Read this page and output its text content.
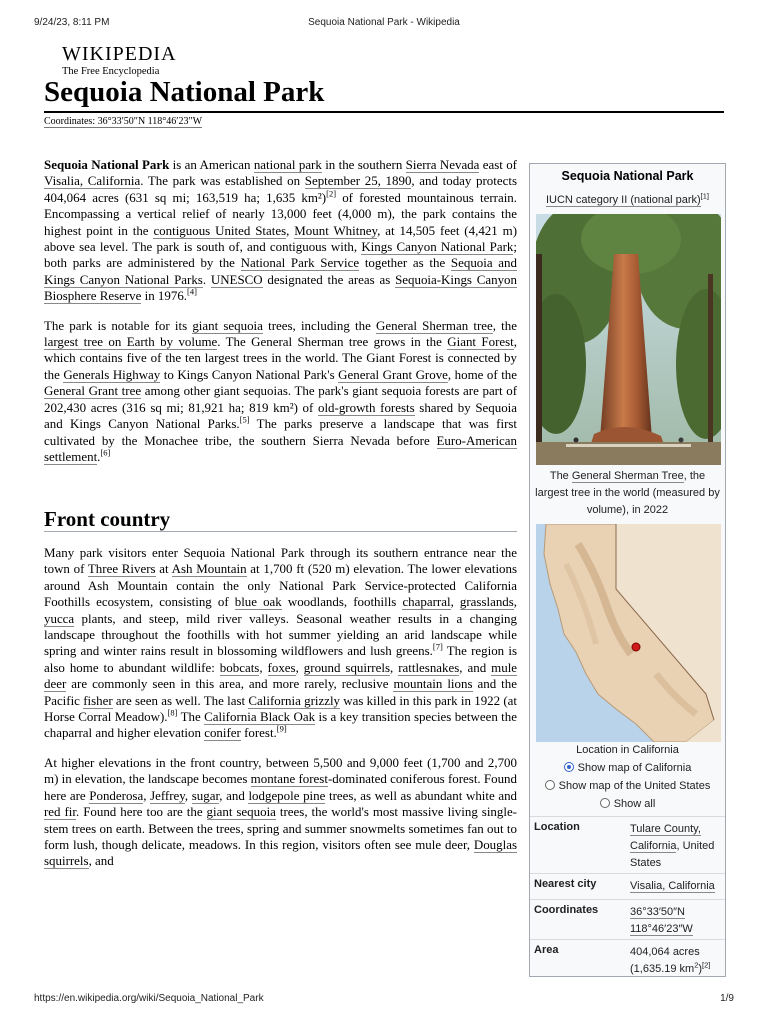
9/24/23, 8:11 PM	Sequoia National Park - Wikipedia
WIKIPEDIA
The Free Encyclopedia
Sequoia National Park
Coordinates: 36°33′50″N 118°46′23″W

Sequoia National Park is an American national park in the southern Sierra Nevada east of Visalia, California. The park was established on September 25, 1890, and today protects 404,064 acres (631 sq mi; 163,519 ha; 1,635 km²)[2] of forested mountainous terrain. Encompassing a vertical relief of nearly 13,000 feet (4,000 m), the park contains the highest point in the contiguous United States, Mount Whitney, at 14,505 feet (4,421 m) above sea level. The park is south of, and contiguous with, Kings Canyon National Park; both parks are administered by the National Park Service together as the Sequoia and Kings Canyon National Parks. UNESCO designated the areas as Sequoia-Kings Canyon Biosphere Reserve in 1976.[4]

The park is notable for its giant sequoia trees, including the General Sherman tree, the largest tree on Earth by volume. The General Sherman tree grows in the Giant Forest, which contains five of the ten largest trees in the world. The Giant Forest is connected by the Generals Highway to Kings Canyon National Park's General Grant Grove, home of the General Grant tree among other giant sequoias. The park's giant sequoia forests are part of 202,430 acres (316 sq mi; 81,921 ha; 819 km²) of old-growth forests shared by Sequoia and Kings Canyon National Parks.[5] The parks preserve a landscape that was first cultivated by the Monachee tribe, the southern Sierra Nevada before Euro-American settlement.[6]

Front country

Many park visitors enter Sequoia National Park through its southern entrance near the town of Three Rivers at Ash Mountain at 1,700 ft (520 m) elevation. The lower elevations around Ash Mountain contain the only National Park Service-protected California Foothills ecosystem, consisting of blue oak woodlands, foothills chaparral, grasslands, yucca plants, and steep, mild river valleys. Seasonal weather results in a changing landscape throughout the foothills with hot summer yielding an arid landscape while spring and winter rains result in blossoming wildflowers and lush greens.[7] The region is also home to abundant wildlife: bobcats, foxes, ground squirrels, rattlesnakes, and mule deer are commonly seen in this area, and more rarely, reclusive mountain lions and the Pacific fisher are seen as well. The last California grizzly was killed in this park in 1922 (at Horse Corral Meadow).[8] The California Black Oak is a key transition species between the chaparral and higher elevation conifer forest.[9]

At higher elevations in the front country, between 5,500 and 9,000 feet (1,700 and 2,700 m) in elevation, the landscape becomes montane forest-dominated coniferous forest. Found here are Ponderosa, Jeffrey, sugar, and lodgepole pine trees, as well as abundant white and red fir. Found here too are the giant sequoia trees, the world's most massive living single-stem trees on earth. Between the trees, spring and summer snowmelts sometimes fan out to form lush, though delicate, meadows. In this region, visitors often see mule deer, Douglas squirrels, and

Sequoia National Park
IUCN category II (national park)[1]
The General Sherman Tree, the largest tree in the world (measured by volume), in 2022
Location in California
Show map of California
Show map of the United States
Show all
Location	Tulare County,
California, United States
Nearest city	Visalia, California
Coordinates	36°33′50″N
118°46′23″W
Area	404,064 acres
(1,635.19 $km^2)[2]$
https://en.wikipedia.org/wiki/Sequoia_National_Park	1/9
